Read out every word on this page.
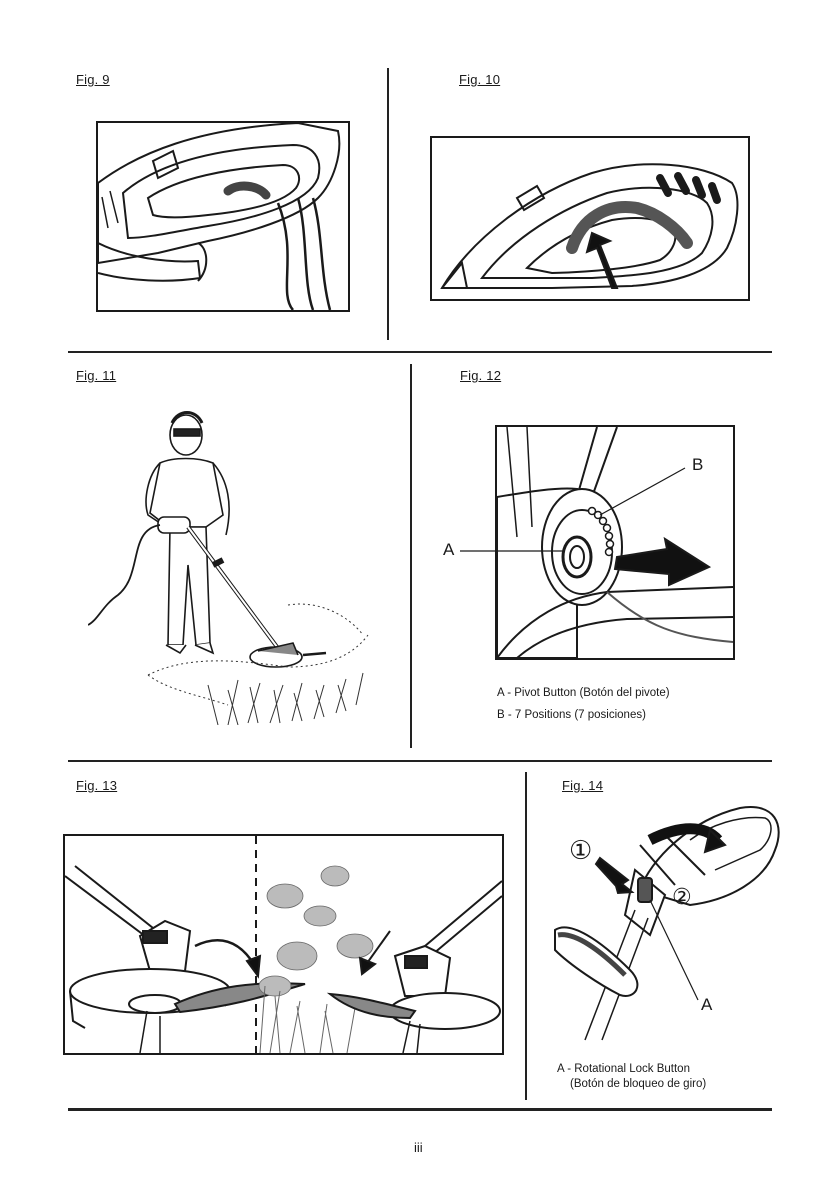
Fig. 9	Fig. 10
Fig. 11	Fig. 12
A
B
A - Pivot Button (Botón del pivote)
B - 7 Positions (7 posiciones)
Fig. 13	Fig. 14
①
②
A
A - Rotational Lock Button
(Botón de bloqueo de giro)
iii
